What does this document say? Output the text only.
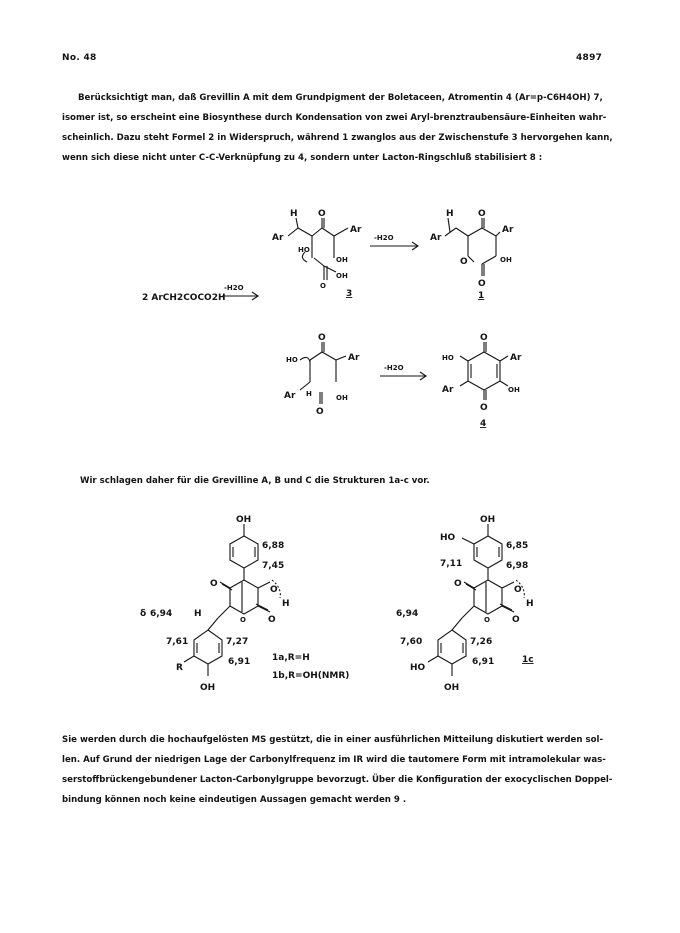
No. 48	4897
Berücksichtigt man, daß Grevillin A mit dem Grundpigment der Boletaceen, Atromentin 4 (Ar=p-C6H4OH) 7,
isomer ist, so erscheint eine Biosynthese durch Kondensation von zwei Aryl-brenztraubensäure-Einheiten wahr-
scheinlich. Dazu steht Formel 2 in Widerspruch, während 1 zwanglos aus der Zwischenstufe 3 hervorgehen kann,
wenn sich diese nicht unter C-C-Verknüpfung zu 4, sondern unter Lacton-Ringschluß stabilisiert 8 :
2 ArCH2COCO2H
-H2O
Ar
H O
Ar
HO
OH
OH
O
3
-H2O	Ar
H	O
Ar
OH
O
O
1
HO
O
Ar
Ar H	OH
O
-H2O
HO
O
Ar
Ar	OH
O
4
OH
6,88
7,45
O
O
H
O O
δ 6,94 H
7,61	7,27
6,91
R
OH
1a,R=H
1b,R=OH(NMR)
OH
HO
6,85
7,11	6,98
O
O
H
O O
6,94
7,60	7,26
6,91
HO
OH
1c
Wir schlagen daher für die Grevilline A, B und C die Strukturen 1a-c vor.
Sie werden durch die hochaufgelösten MS gestützt, die in einer ausführlichen Mitteilung diskutiert werden sol-
len. Auf Grund der niedrigen Lage der Carbonylfrequenz im IR wird die tautomere Form mit intramolekular was-
serstoffbrückengebundener Lacton-Carbonylgruppe bevorzugt. Über die Konfiguration der exocyclischen Doppel-
bindung können noch keine eindeutigen Aussagen gemacht werden 9 .
